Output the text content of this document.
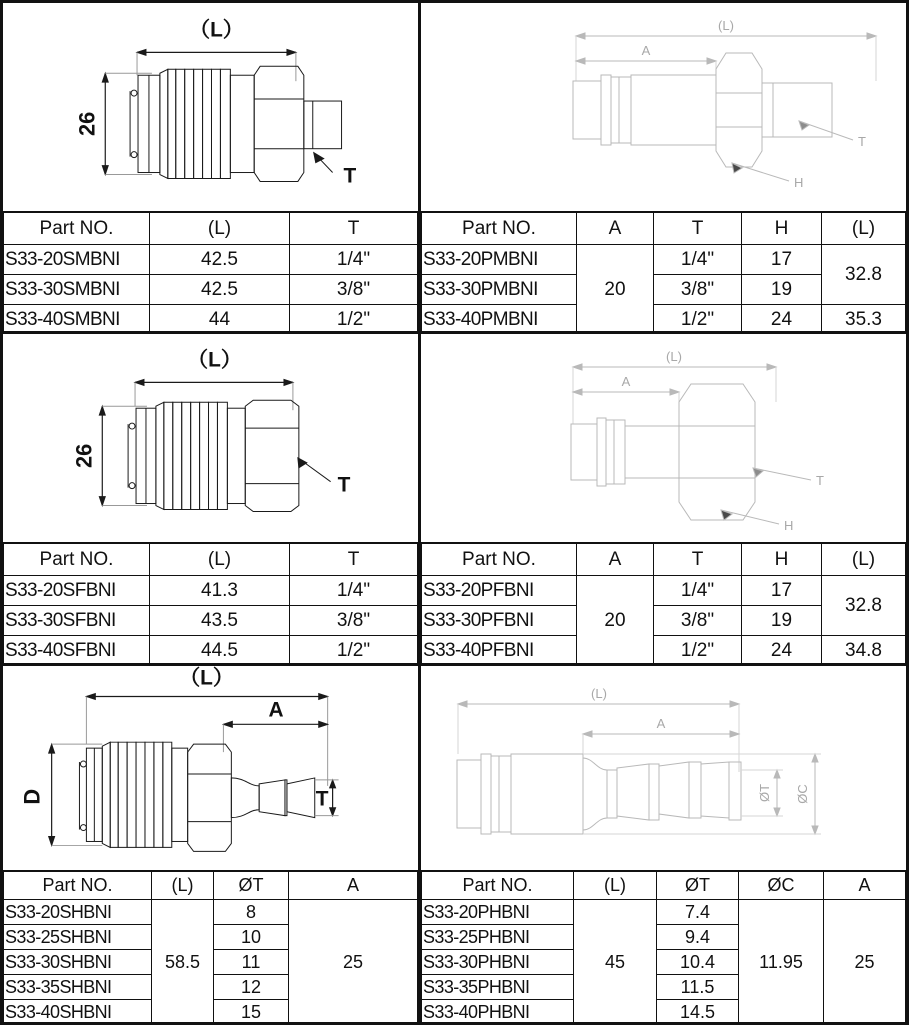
（L）
26
T
Part NO.	(L)	T
S33-20SMBNI	42.5	1/4"
S33-30SMBNI	42.5	3/8"
S33-40SMBNI	44	1/2"
(L)
A
T
H
Part NO.	A	T	H	(L)
S33-20PMBNI	20	1/4"	17	32.8
S33-30PMBNI		3/8"	19	
S33-40PMBNI		1/2"	24	35.3
（L）
26
T
Part NO.	(L)	T
S33-20SFBNI	41.3	1/4"
S33-30SFBNI	43.5	3/8"
S33-40SFBNI	44.5	1/2"
(L)
A
T
H
Part NO.	A	T	H	(L)
S33-20PFBNI	20	1/4"	17	32.8
S33-30PFBNI		3/8"	19	
S33-40PFBNI		1/2"	24	34.8
（L）
A
D	T
Part NO.	(L)	ØT	A
S33-20SHBNI	58.5	8	25
S33-25SHBNI		10	
S33-30SHBNI		11	
S33-35SHBNI		12	
S33-40SHBNI		15	
(L)
A
ØT ØC
Part NO.	(L)	ØT	ØC	A
S33-20PHBNI	45	7.4	11.95	25
S33-25PHBNI		9.4		
S33-30PHBNI		10.4		
S33-35PHBNI		11.5		
S33-40PHBNI		14.5		
